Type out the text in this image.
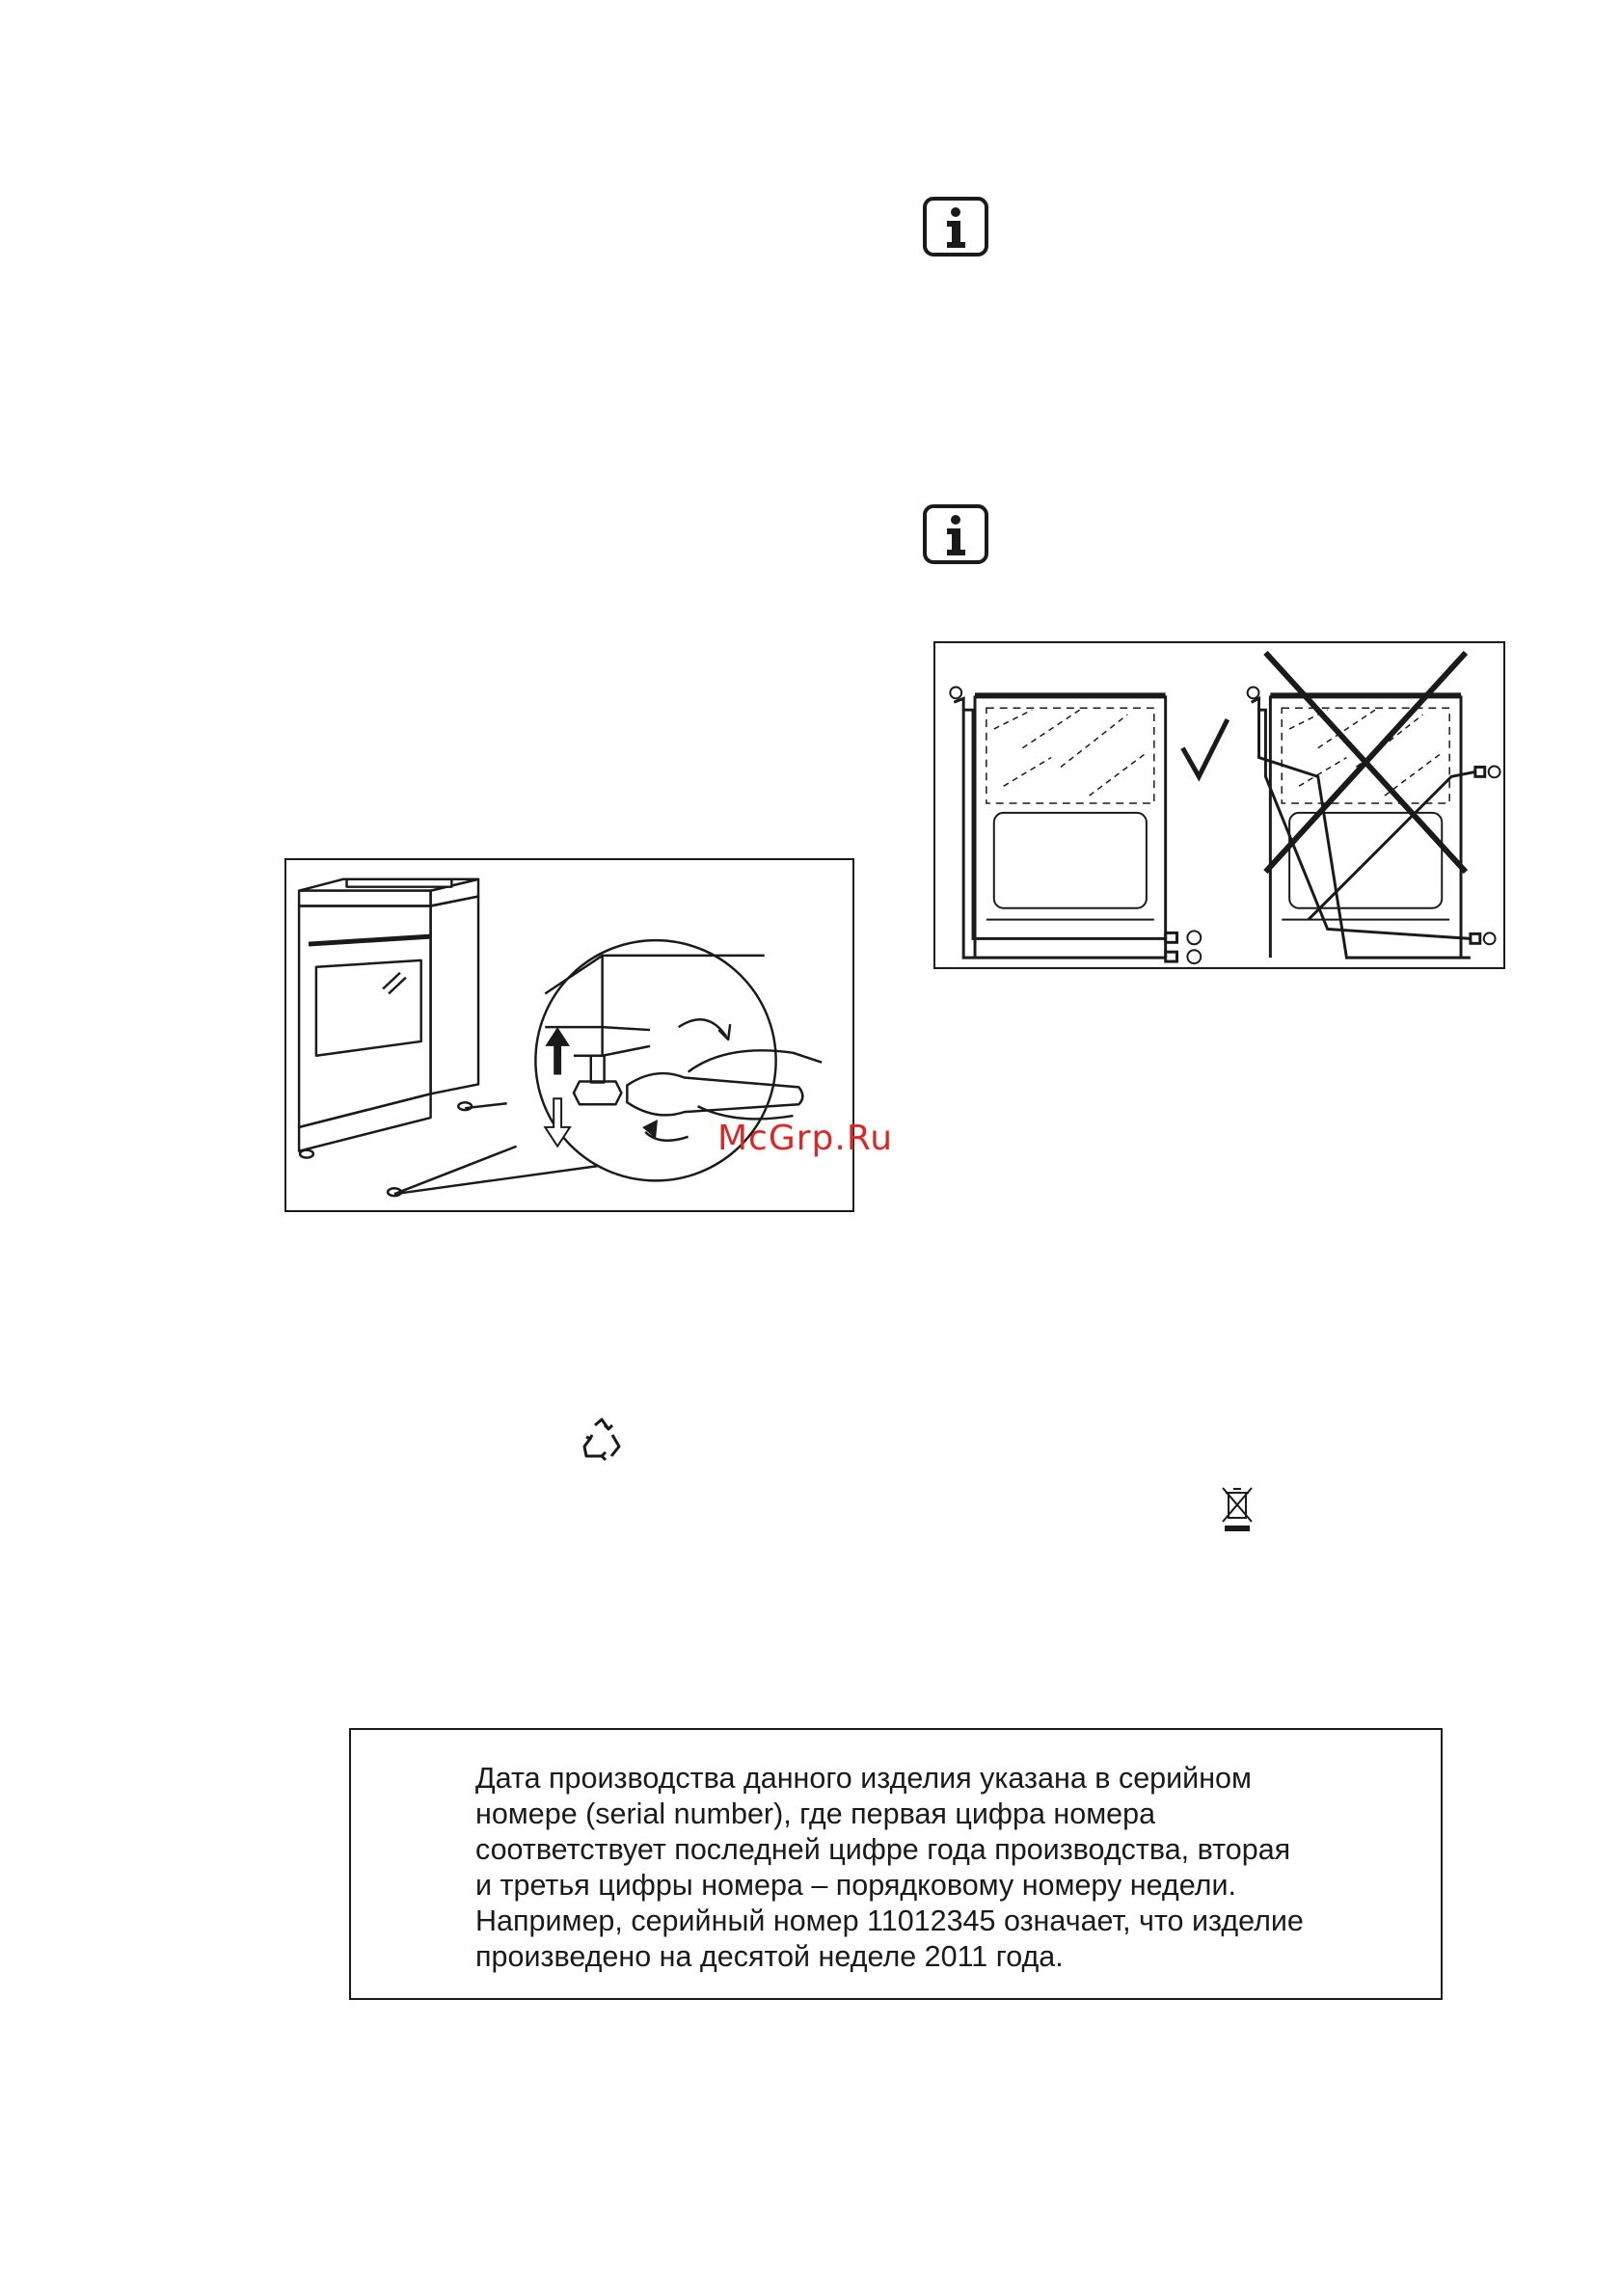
McGrp.Ru
Дата производства данного изделия указана в серийном
номере (serial number), где первая цифра номера
соответствует последней цифре года производства, вторая
и третья цифры номера – порядковому номеру недели.
Например, серийный номер 11012345 означает, что изделие
произведено на десятой неделе 2011 года.
